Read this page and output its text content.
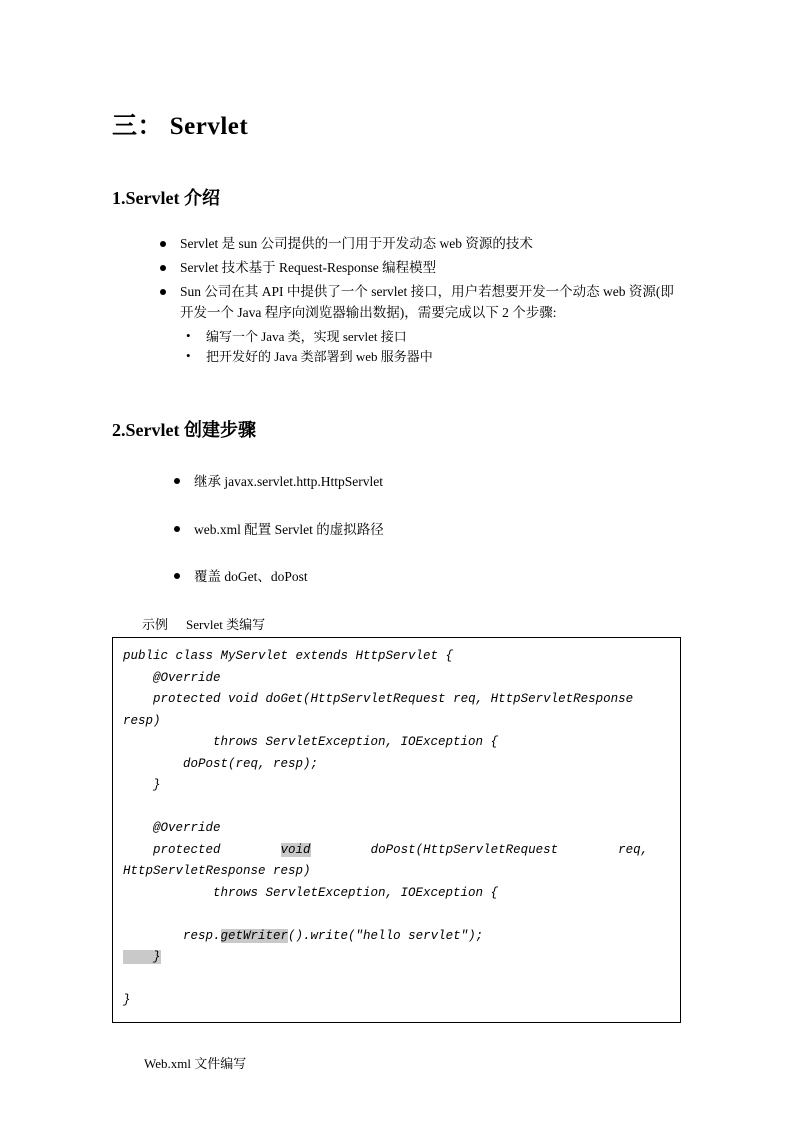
三： Servlet
1.Servlet 介绍
Servlet 是 sun 公司提供的一门用于开发动态 web 资源的技术
Servlet 技术基于 Request-Response 编程模型
Sun 公司在其 API 中提供了一个 servlet 接口，用户若想要开发一个动态 web 资源(即开发一个 Java 程序向浏览器输出数据)，需要完成以下 2 个步骤:
• 编写一个 Java 类，实现 servlet 接口
• 把开发好的 Java 类部署到 web 服务器中
2.Servlet 创建步骤
继承 javax.servlet.http.HttpServlet
web.xml 配置 Servlet 的虚拟路径
覆盖 doGet、doPost
示例 Servlet 类编写
public class MyServlet extends HttpServlet {
@Override
protected void doGet(HttpServletRequest req, HttpServletResponse resp)
throws ServletException, IOException {
doPost(req, resp);
}

@Override
protected        void        doPost(HttpServletRequest        req, HttpServletResponse resp)
throws ServletException, IOException {

resp.getWriter().write("hello servlet");
}

}
Web.xml 文件编写
